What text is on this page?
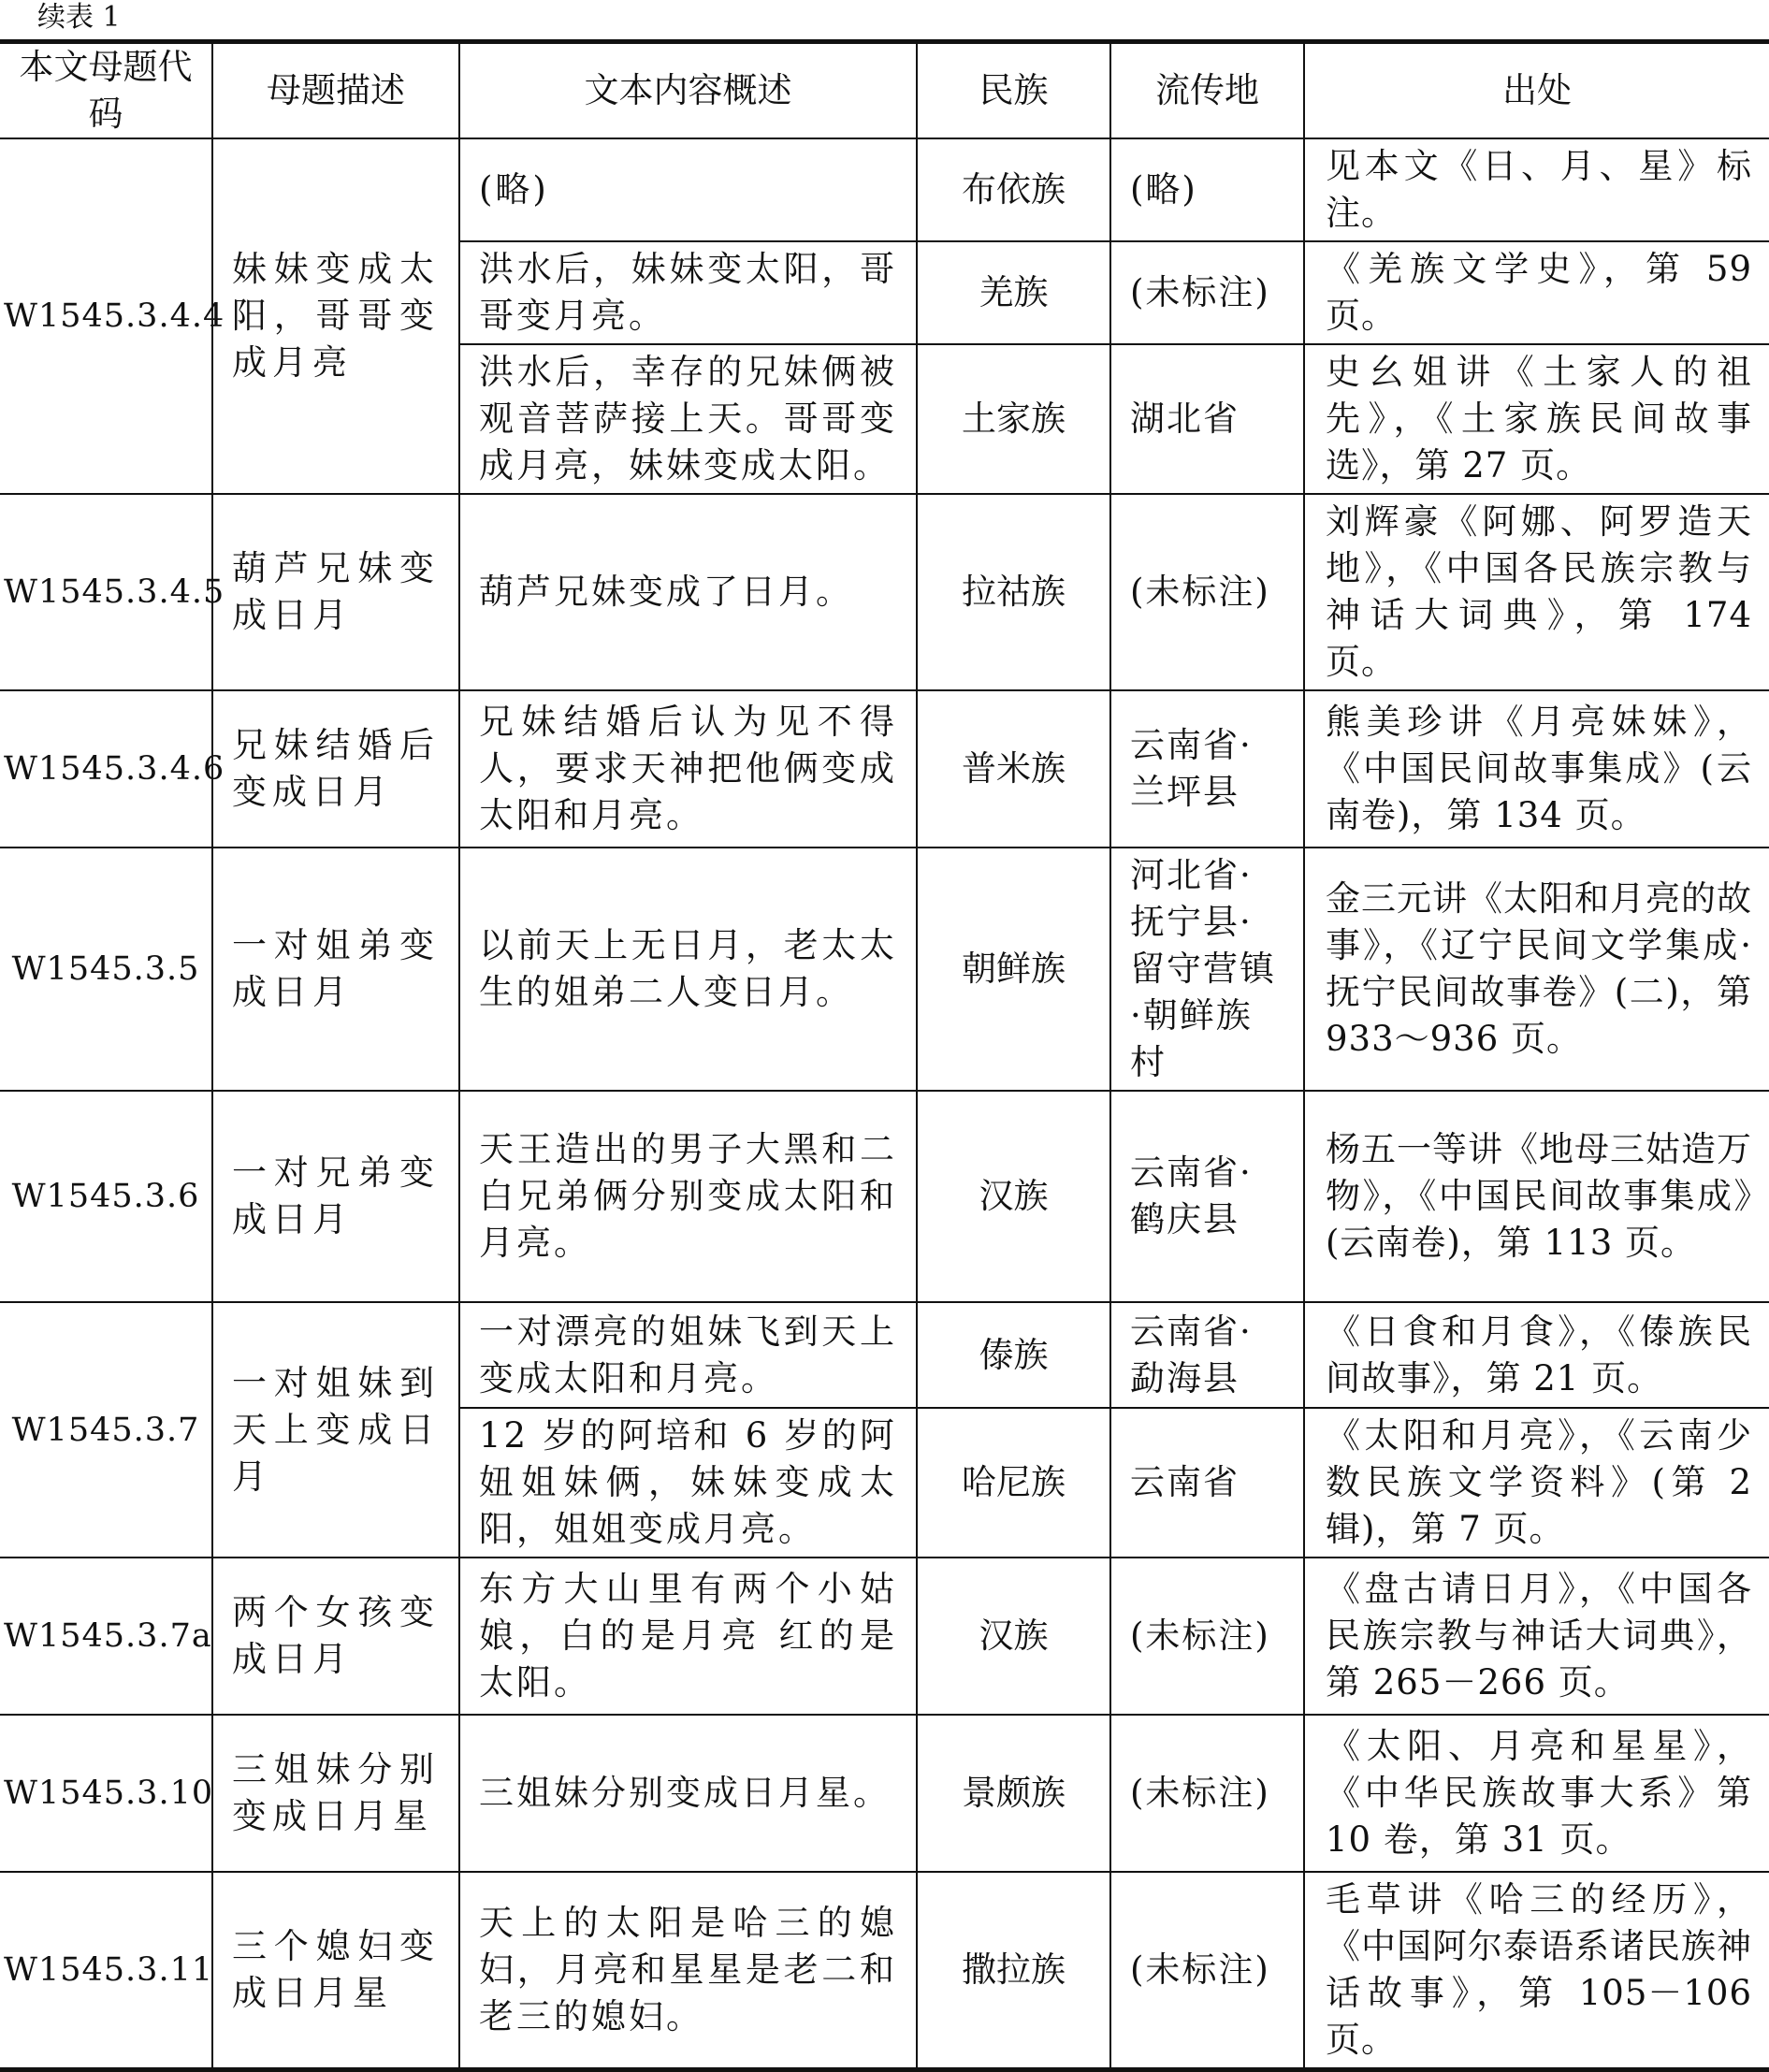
续表 1
本文母题代码	母题描述	文本内容概述	民族	流传地	出处
W1545.3.4.4	妹妹变成太阳，哥哥变成月亮	(略)	布依族	(略)	见本文《日、月、星》标注。
		洪水后，妹妹变太阳，哥哥变月亮。	羌族	(未标注)	《羌族文学史》，第 59 页。
		洪水后，幸存的兄妹俩被观音菩萨接上天。哥哥变成月亮，妹妹变成太阳。	土家族	湖北省	史幺姐讲《土家人的祖先》，《土家族民间故事选》，第 27 页。
W1545.3.4.5	葫芦兄妹变成日月	葫芦兄妹变成了日月。	拉祜族	(未标注)	刘辉豪《阿娜、阿罗造天地》，《中国各民族宗教与神话大词典》，第 174 页。
W1545.3.4.6	兄妹结婚后变成日月	兄妹结婚后认为见不得人，要求天神把他俩变成太阳和月亮。	普米族	云南省·兰坪县	熊美珍讲《月亮妹妹》，《中国民间故事集成》(云南卷)，第 134 页。
W1545.3.5	一对姐弟变成日月	以前天上无日月，老太太生的姐弟二人变日月。	朝鲜族	河北省·抚宁县·留守营镇·朝鲜族村	金三元讲《太阳和月亮的故事》，《辽宁民间文学集成·抚宁民间故事卷》(二)，第 933～936 页。
W1545.3.6	一对兄弟变成日月	天王造出的男子大黑和二白兄弟俩分别变成太阳和月亮。	汉族	云南省·鹤庆县	杨五一等讲《地母三姑造万物》，《中国民间故事集成》(云南卷)，第 113 页。
W1545.3.7	一对姐妹到天上变成日月	一对漂亮的姐妹飞到天上变成太阳和月亮。	傣族	云南省·勐海县	《日食和月食》，《傣族民间故事》，第 21 页。
		12 岁的阿培和 6 岁的阿妞姐妹俩，妹妹变成太阳，姐姐变成月亮。	哈尼族	云南省	《太阳和月亮》，《云南少数民族文学资料》(第 2 辑)，第 7 页。
W1545.3.7a	两个女孩变成日月	东方大山里有两个小姑娘，白的是月亮 红的是太阳。	汉族	(未标注)	《盘古请日月》，《中国各民族宗教与神话大词典》，第 265－266 页。
W1545.3.10	三姐妹分别变成日月星	三姐妹分别变成日月星。	景颇族	(未标注)	《太阳、月亮和星星》，《中华民族故事大系》第 10 卷，第 31 页。
W1545.3.11	三个媳妇变成日月星	天上的太阳是哈三的媳妇，月亮和星星是老二和老三的媳妇。	撒拉族	(未标注)	毛草讲《哈三的经历》，《中国阿尔泰语系诸民族神话故事》，第 105－106 页。
